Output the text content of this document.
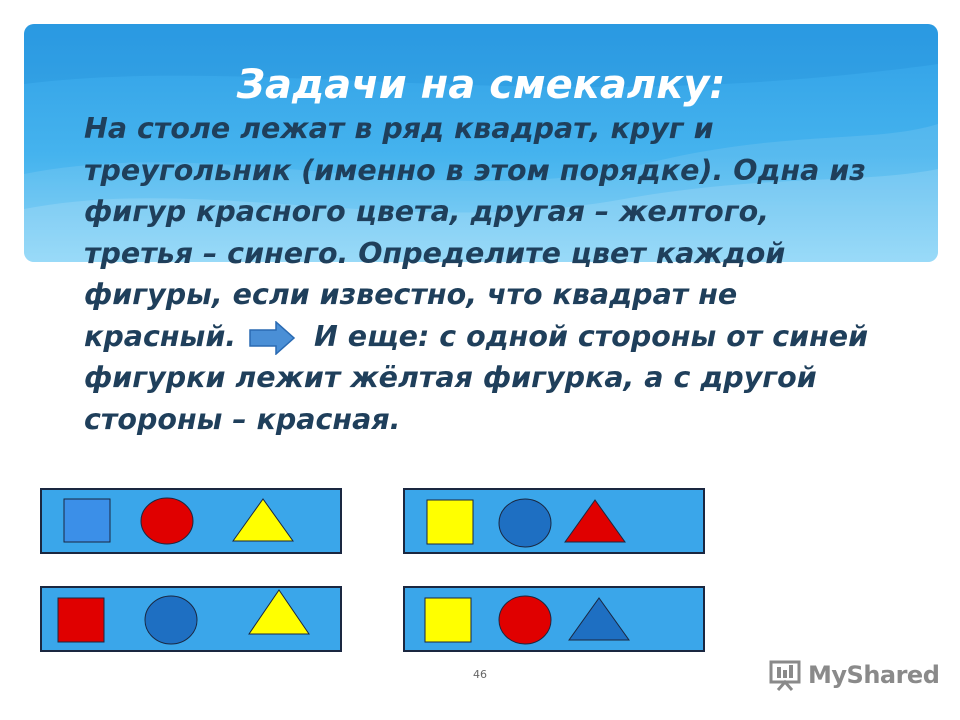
Задачи на смекалку:
На столе лежат в ряд квадрат, круг и треугольник (именно в этом порядке). Одна из фигур красного цвета, другая – желтого, третья – синего. Определите цвет каждой фигуры, если известно, что квадрат не красный.	И еще: с одной стороны от синей фигурки лежит жёлтая фигурка, а с другой стороны – красная.
46	MyShared
